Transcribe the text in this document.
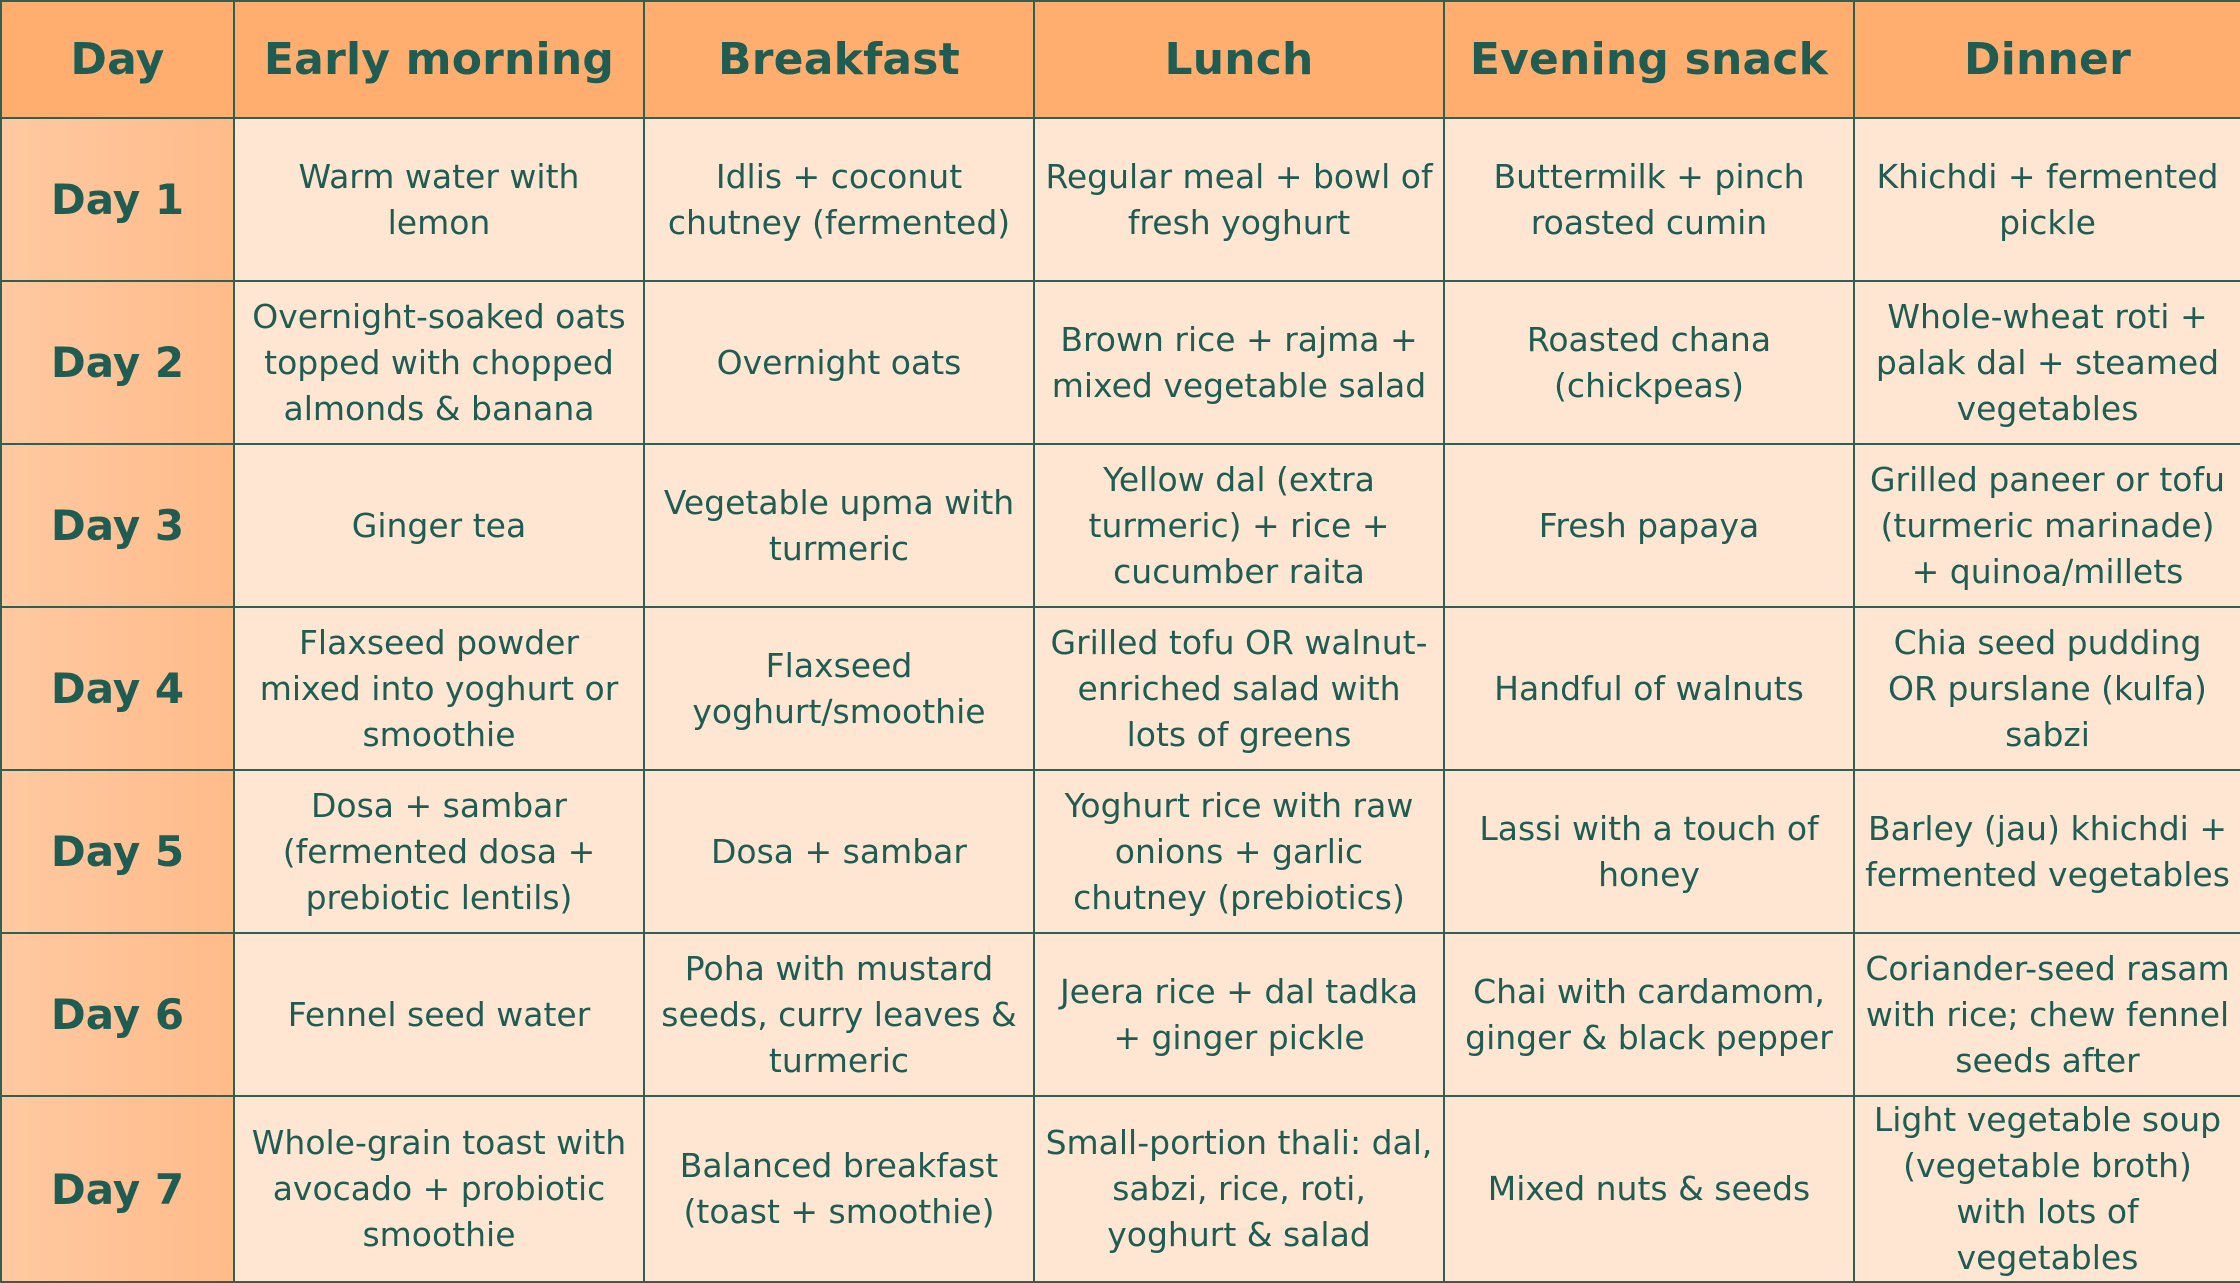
Day	Early morning	Breakfast	Lunch	Evening snack	Dinner
Day 1	Warm water with lemon	Idlis + coconut chutney (fermented)	Regular meal + bowl of fresh yoghurt	Buttermilk + pinch roasted cumin	Khichdi + fermented pickle
Day 2	Overnight-soaked oats topped with chopped almonds & banana	Overnight oats	Brown rice + rajma + mixed vegetable salad	Roasted chana (chickpeas)	Whole-wheat roti + palak dal + steamed vegetables
Day 3	Ginger tea	Vegetable upma with turmeric	Yellow dal (extra turmeric) + rice + cucumber raita	Fresh papaya	Grilled paneer or tofu (turmeric marinade) + quinoa/millets
Day 4	Flaxseed powder mixed into yoghurt or smoothie	Flaxseed yoghurt/smoothie	Grilled tofu OR walnut-enriched salad with lots of greens	Handful of walnuts	Chia seed pudding OR purslane (kulfa) sabzi
Day 5	Dosa + sambar (fermented dosa + prebiotic lentils)	Dosa + sambar	Yoghurt rice with raw onions + garlic chutney (prebiotics)	Lassi with a touch of honey	Barley (jau) khichdi + fermented vegetables
Day 6	Fennel seed water	Poha with mustard seeds, curry leaves & turmeric	Jeera rice + dal tadka + ginger pickle	Chai with cardamom, ginger & black pepper	Coriander-seed rasam with rice; chew fennel seeds after
Day 7	Whole-grain toast with avocado + probiotic smoothie	Balanced breakfast (toast + smoothie)	Small-portion thali: dal, sabzi, rice, roti, yoghurt & salad	Mixed nuts & seeds	Light vegetable soup (vegetable broth) with lots of vegetables
